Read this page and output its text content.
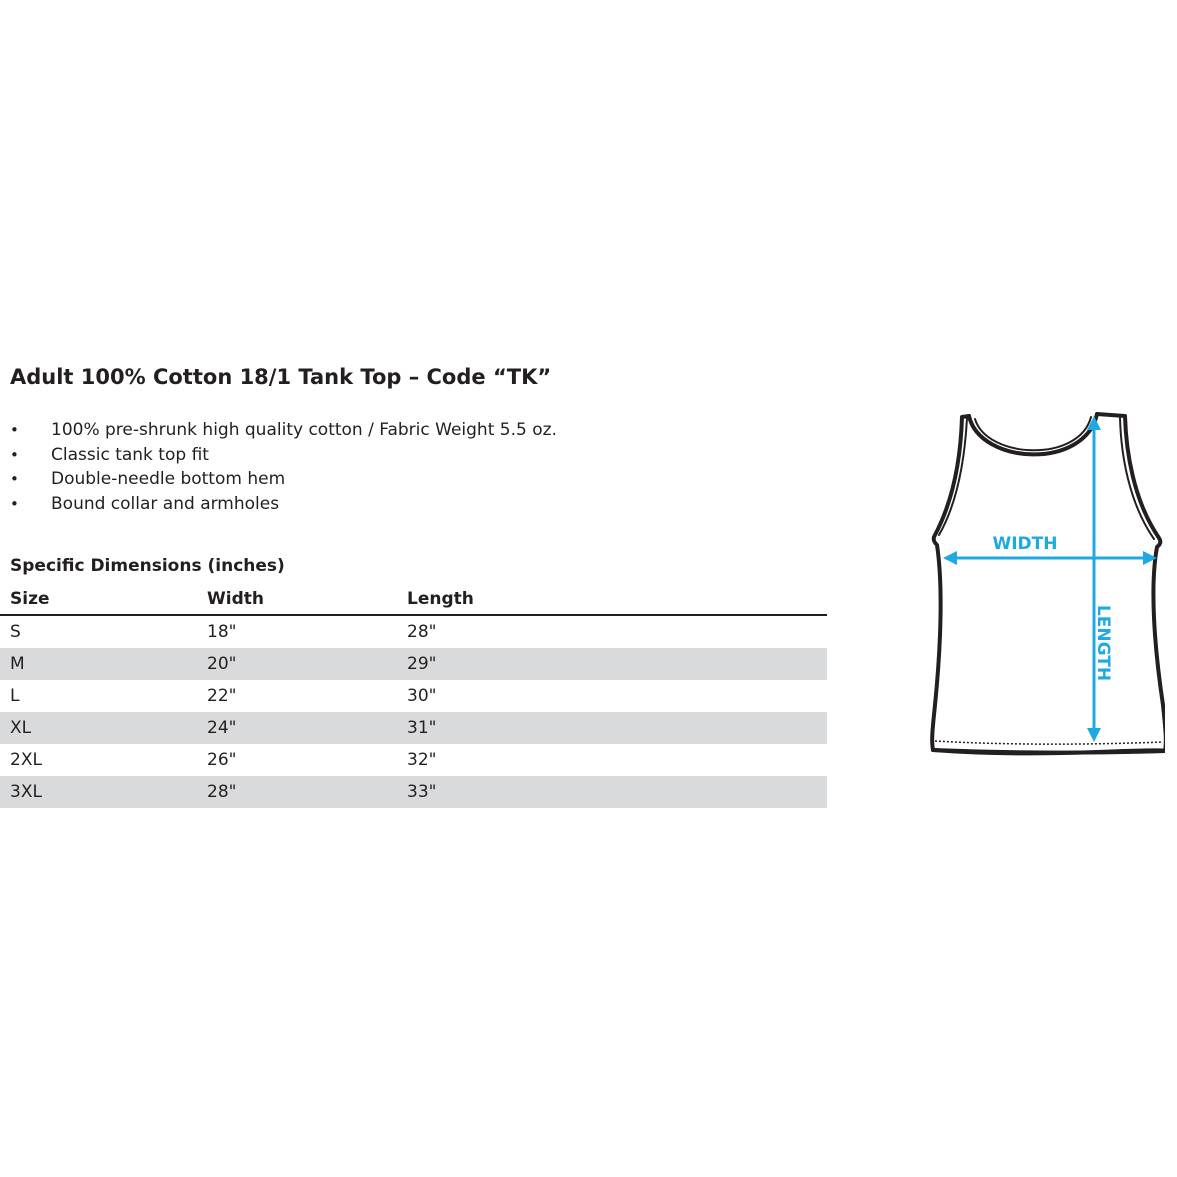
Adult 100% Cotton 18/1 Tank Top – Code “TK”
• 100% pre-shrunk high quality cotton / Fabric Weight 5.5 oz.
• Classic tank top fit
• Double-needle bottom hem
• Bound collar and armholes
Specific Dimensions (inches)
Size	Width	Length
S	18"	28"
M	20"	29"
L	22"	30"
XL	24"	31"
2XL	26"	32"
3XL	28"	33"
WIDTH
LENGTH
